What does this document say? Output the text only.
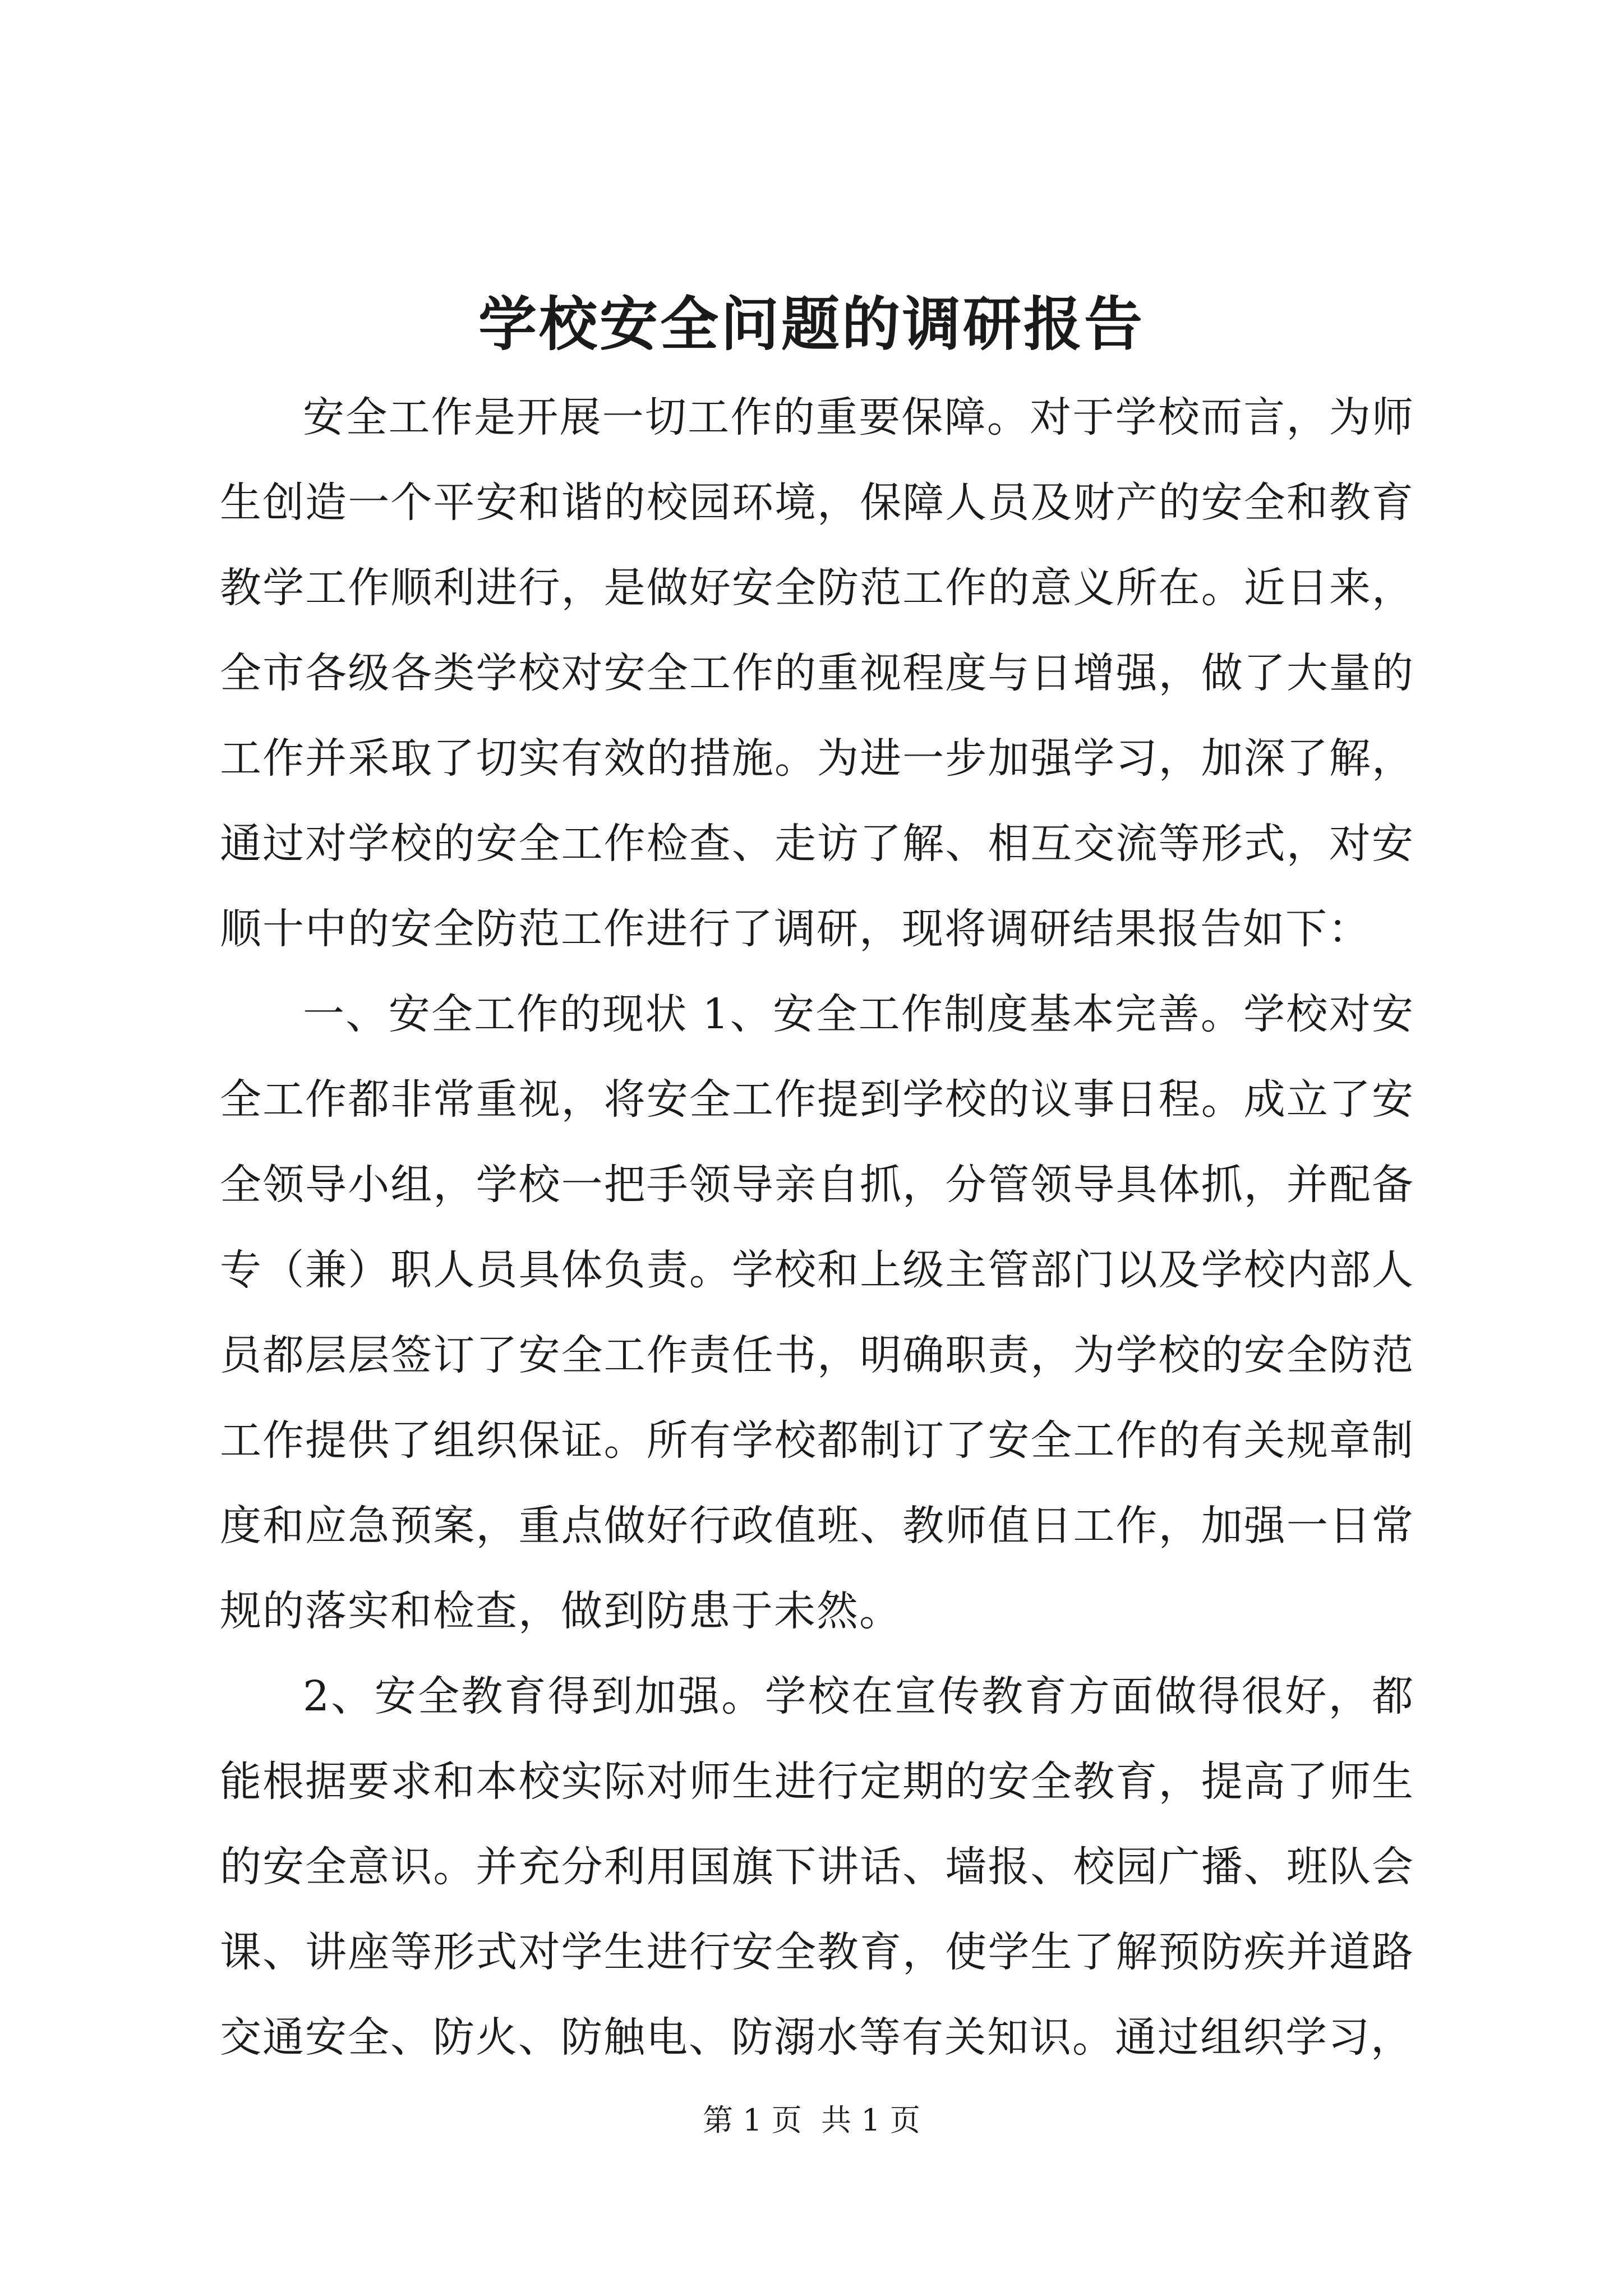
学校安全问题的调研报告

安全工作是开展一切工作的重要保障。对于学校而言，为师生创造一个平安和谐的校园环境，保障人员及财产的安全和教育教学工作顺利进行，是做好安全防范工作的意义所在。近日来，全市各级各类学校对安全工作的重视程度与日增强，做了大量的工作并采取了切实有效的措施。为进一步加强学习，加深了解，通过对学校的安全工作检查、走访了解、相互交流等形式，对安顺十中的安全防范工作进行了调研，现将调研结果报告如下：

一、安全工作的现状 1、安全工作制度基本完善。学校对安全工作都非常重视，将安全工作提到学校的议事日程。成立了安全领导小组，学校一把手领导亲自抓，分管领导具体抓，并配备专（兼）职人员具体负责。学校和上级主管部门以及学校内部人员都层层签订了安全工作责任书，明确职责，为学校的安全防范工作提供了组织保证。所有学校都制订了安全工作的有关规章制度和应急预案，重点做好行政值班、教师值日工作，加强一日常规的落实和检查，做到防患于未然。

2、安全教育得到加强。学校在宣传教育方面做得很好，都能根据要求和本校实际对师生进行定期的安全教育，提高了师生的安全意识。并充分利用国旗下讲话、墙报、校园广播、班队会课、讲座等形式对学生进行安全教育，使学生了解预防疾并道路交通安全、防火、防触电、防溺水等有关知识。通过组织学习，

第 1 页  共 1 页
